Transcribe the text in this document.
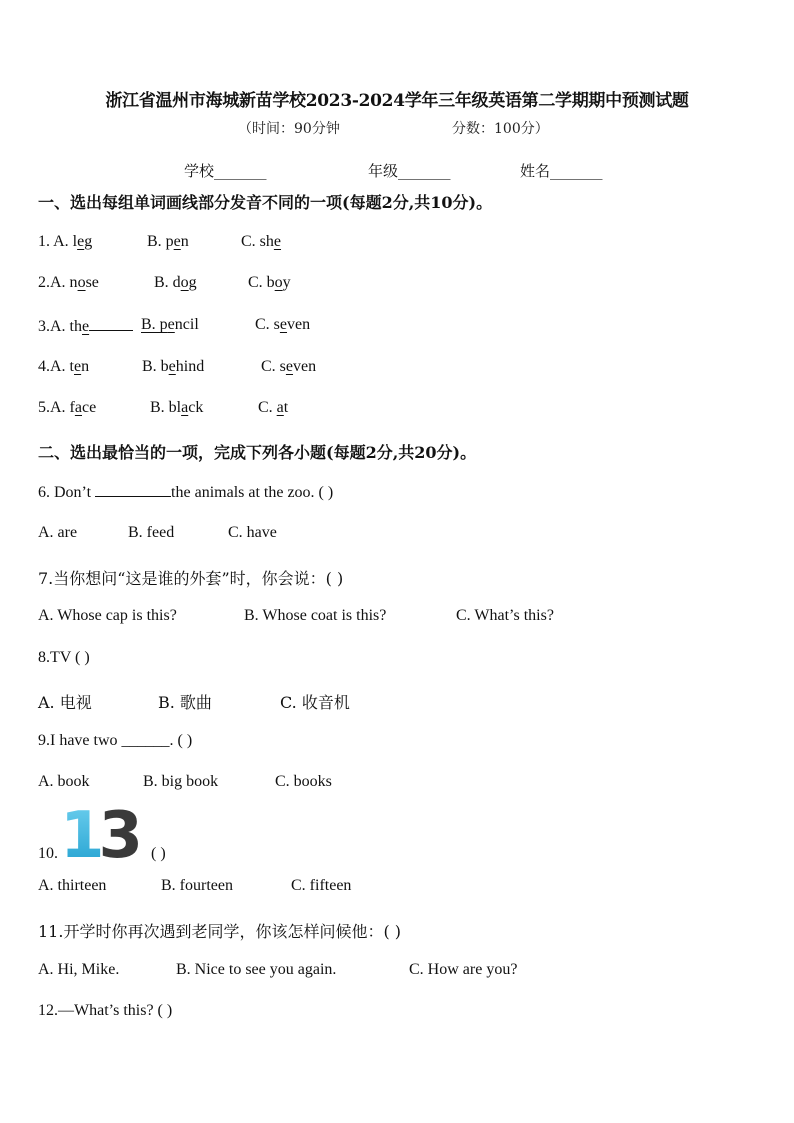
浙江省温州市海城新苗学校2023-2024学年三年级英语第二学期期中预测试题
（时间：90分钟	分数：100分）
学校_______	年级_______	姓名_______
一、选出每组单词画线部分发音不同的一项(每题2分,共10分)。
1. A. leg	B. pen	C. she
2.A. nose	B. dog	C. boy
3.A. the	B. pencil	C. seven
4.A. ten	B. behind	C. seven
5.A. face	B. black	C. at
二、选出最恰当的一项，完成下列各小题(每题2分,共20分)。
6. Don’t	the animals at the zoo. ( )
A. are	B. feed	C. have
7.当你想问“这是谁的外套”时，你会说：( )
A. Whose cap is this?	B. Whose coat is this?	C. What’s this?
8.TV ( )
A. 电视	B. 歌曲	C. 收音机
9.I have two ______. ( )
A. book	B. big book	C. books
10. 13 ( )
A. thirteen	B. fourteen	C. fifteen
11.开学时你再次遇到老同学，你该怎样问候他：( )
A. Hi, Mike.	B. Nice to see you again.	C. How are you?
12.—What’s this? ( )
